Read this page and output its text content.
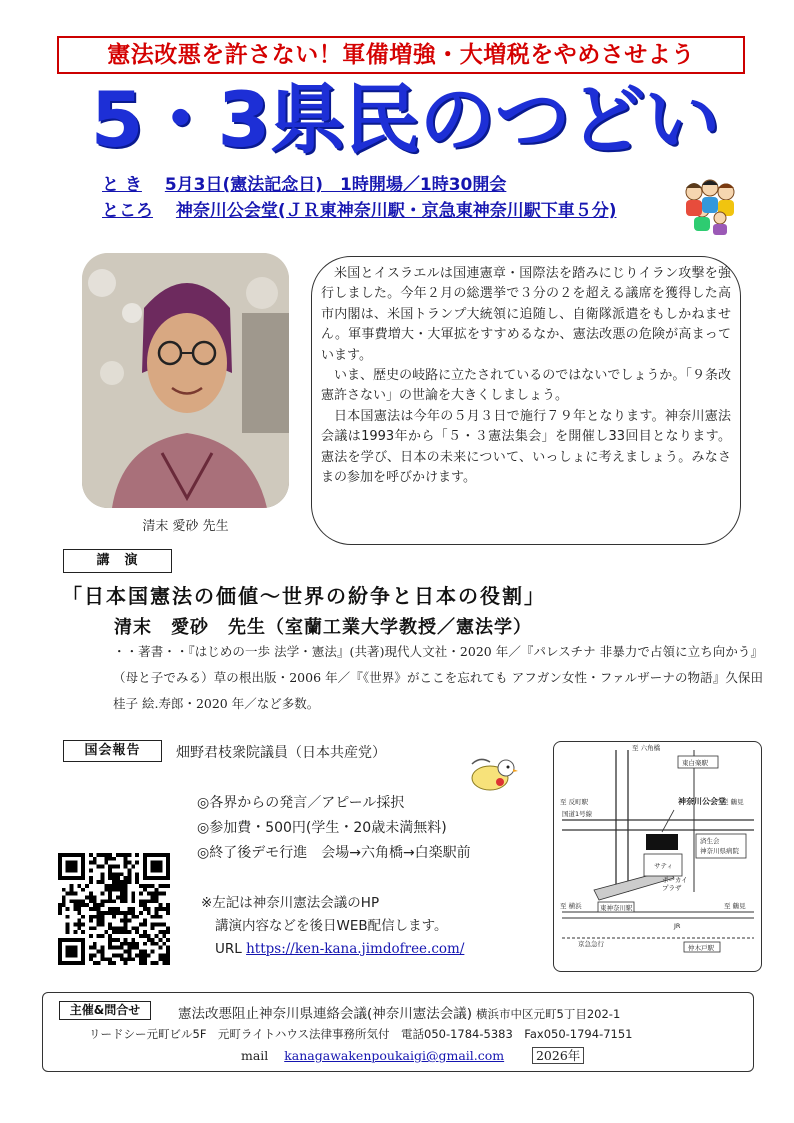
憲法改悪を許さない！軍備増強・大増税をやめさせよう
5・3県民のつどい
と き　 5月3日(憲法記念日)　1時開場／1時30開会
ところ　 神奈川公会堂(ＪＲ東神奈川駅・京急東神奈川駅下車５分)
清末 愛砂 先生

米国とイスラエルは国連憲章・国際法を踏みにじりイラン攻撃を強行しました。今年２月の総選挙で３分の２を超える議席を獲得した高市内閣は、米国トランプ大統領に追随し、自衛隊派遣をもしかねません。軍事費増大・大軍拡をすすめるなか、憲法改悪の危険が高まっています。

いま、歴史の岐路に立たされているのではないでしょうか。「９条改憲許さない」の世論を大きくしましょう。

日本国憲法は今年の５月３日で施行７９年となります。神奈川憲法会議は1993年から「５・３憲法集会」を開催し33回目となります。憲法を学び、日本の未来について、いっしょに考えましょう。みなさまの参加を呼びかけます。

講　演
「日本国憲法の価値～世界の紛争と日本の役割」
清末　愛砂　先生（室蘭工業大学教授／憲法学）
・・著書・・『はじめの一歩 法学・憲法』(共著)現代人文社・2020 年／『パレスチナ 非暴力で占領に立ち向かう』（母と子でみる）草の根出版・2006 年／『《世界》がここを忘れても アフガン女性・ファルザーナの物語』久保田桂子 絵.寿郎・2020 年／など多数。
国会報告	畑野君枝衆院議員（日本共産党）
◎各界からの発言／アピール採択
◎参加費・500円(学生・20歳未満無料)
◎終了後デモ行進　会場→六角橋→白楽駅前
※左記は神奈川憲法会議のHP
講演内容などを後日WEB配信します。
URL https://ken-kana.jimdofree.com/
至 六角橋
東白楽駅
神奈川公会堂
至 反町駅	至 鶴見
国道1号線
済生会
神奈川県病院
サティ
ポーカイ
プラザ
至 横浜	東神奈川駅	至 鶴見
JR
京急急行	仲木戸駅
主催&問合せ	憲法改悪阻止神奈川県連絡会議(神奈川憲法会議) 横浜市中区元町5丁目202-1
リードシー元町ビル5F　元町ライトハウス法律事務所気付　電話050-1784-5383　Fax050-1794-7151
mail kanagawakenpoukaigi@gmail.com	2026年
